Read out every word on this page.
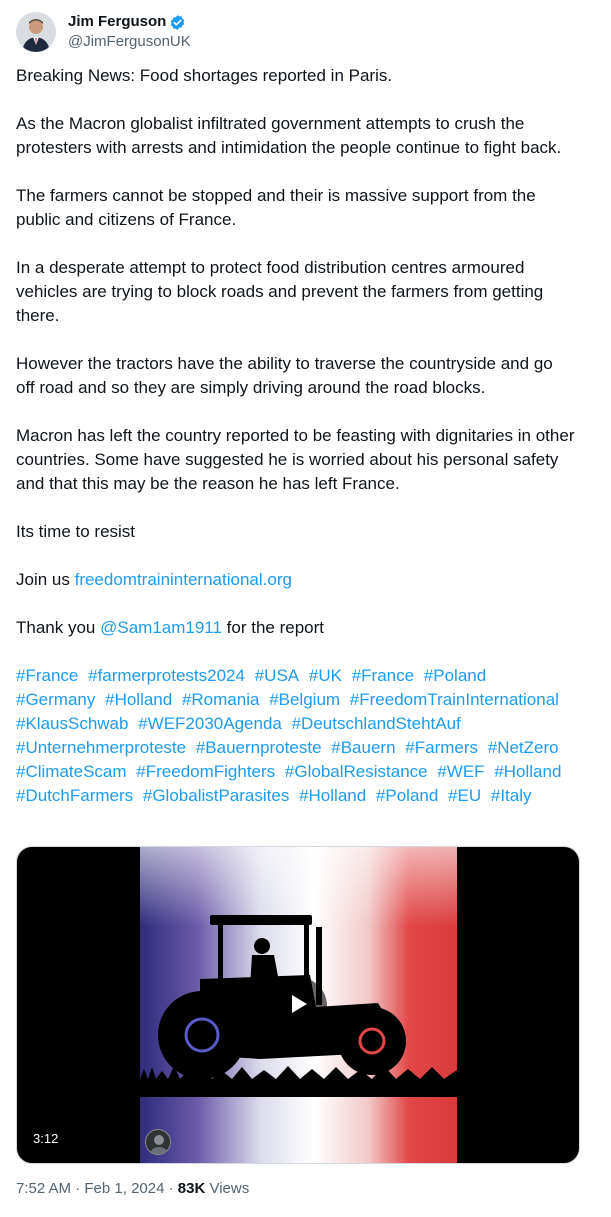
Jim Ferguson
@JimFergusonUK

Breaking News: Food shortages reported in Paris.

As the Macron globalist infiltrated government attempts to crush the protesters with arrests and intimidation the people continue to fight back.

The farmers cannot be stopped and their is massive support from the public and citizens of France.

In a desperate attempt to protect food distribution centres armoured vehicles are trying to block roads and prevent the farmers from getting there.

However the tractors have the ability to traverse the countryside and go off road and so they are simply driving around the road blocks.

Macron has left the country reported to be feasting with dignitaries in other countries. Some have suggested he is worried about his personal safety and that this may be the reason he has left France.

Its time to resist

Join us freedomtraininternational.org

Thank you @Sam1am1911 for the report

#France #farmerprotests2024 #USA #UK #France #Poland #Germany #Holland #Romania #Belgium #FreedomTrainInternational #KlausSchwab #WEF2030Agenda #DeutschlandStehtAuf #Unternehmerproteste #Bauernproteste #Bauern #Farmers #NetZero #ClimateScam #FreedomFighters #GlobalResistance #WEF #Holland #DutchFarmers #GlobalistParasites #Holland #Poland #EU #Italy

3:12
7:52 AM · Feb 1, 2024 · 83K Views
